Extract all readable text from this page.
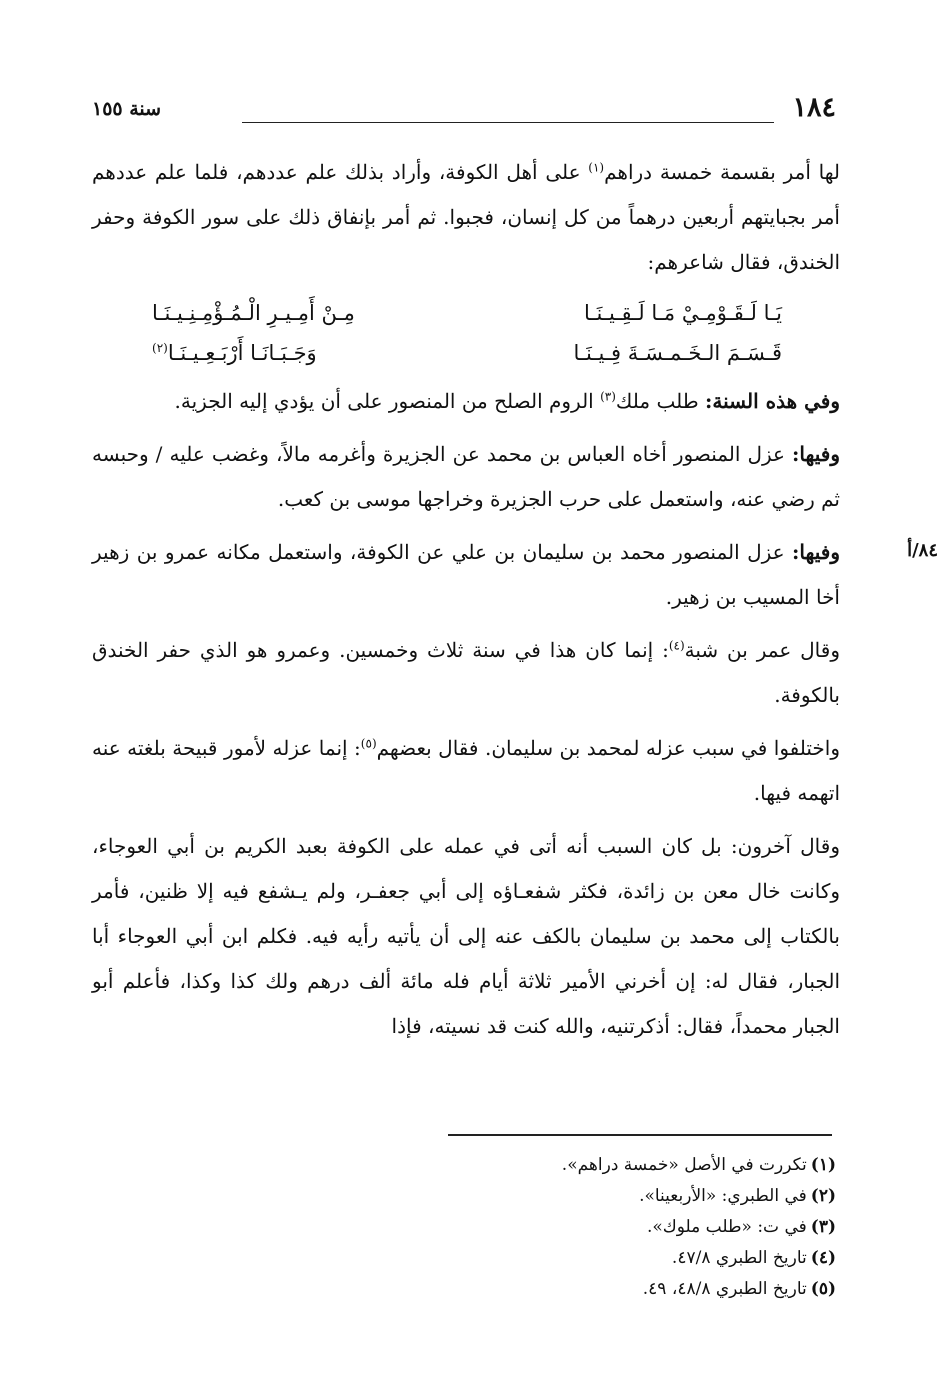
١٨٤
سنة ١٥٥

لها أمر بقسمة خمسة دراهم$^{(١)}$ على أهل الكوفة، وأراد بذلك علم عددهم، فلما علم عددهم أمر بجبايتهم أربعين درهماً من كل إنسان، فجبوا. ثم أمر بإنفاق ذلك على سور الكوفة وحفر الخندق، فقال شاعرهم:

يَـا لَـقَـوْمِـيْ مَـا لَـقِـيـنَـا
مِـنْ أَمِـيـرِ الْـمُـؤْمِـنِـيـنَـا
قَـسَـمَ الـخَـمـسَـةَ فِـيـنَـا
وَجَـبَـانَـا أَرْبَـعِـيـنَـا$^{(٢)}$

وفي هذه السنة: طلب ملك$^{(٣)}$ الروم الصلح من المنصور على أن يؤدي إليه الجزية.

وفيها: عزل المنصور أخاه العباس بن محمد عن الجزيرة وأغرمه مالاً، وغضب عليه / وحبسه ثم رضي عنه، واستعمل على حرب الجزيرة وخراجها موسى بن كعب.

وفيها: عزل المنصور محمد بن سليمان بن علي عن الكوفة، واستعمل مكانه عمرو بن زهير أخا المسيب بن زهير.

وقال عمر بن شبة$^{(٤)}$: إنما كان هذا في سنة ثلاث وخمسين. وعمرو هو الذي حفر الخندق بالكوفة.

واختلفوا في سبب عزله لمحمد بن سليمان. فقال بعضهم$^{(٥)}$: إنما عزله لأمور قبيحة بلغته عنه اتهمه فيها.

وقال آخرون: بل كان السبب أنه أتى في عمله على الكوفة بعبد الكريم بن أبي العوجاء، وكانت خال معن بن زائدة، فكثر شفعـاؤه إلى أبي جعفـر، ولم يـشفع فيه إلا ظنين، فأمر بالكتاب إلى محمد بن سليمان بالكف عنه إلى أن يأتيه رأيه فيه. فكلم ابن أبي العوجاء أبا الجبار، فقال له: إن أخرني الأمير ثلاثة أيام فله مائة ألف درهم ولك كذا وكذا، فأعلم أبو الجبار محمداً، فقال: أذكرتنيه، والله كنت قد نسيته، فإذا

٨٤/أ
(١)تكررت في الأصل «خمسة دراهم».
(٢)في الطبري: «الأربعينا».
(٣)في ت: «طلب ملوك».
(٤)تاريخ الطبري ٤٧/٨.
(٥)تاريخ الطبري ٤٨/٨، ٤٩.
